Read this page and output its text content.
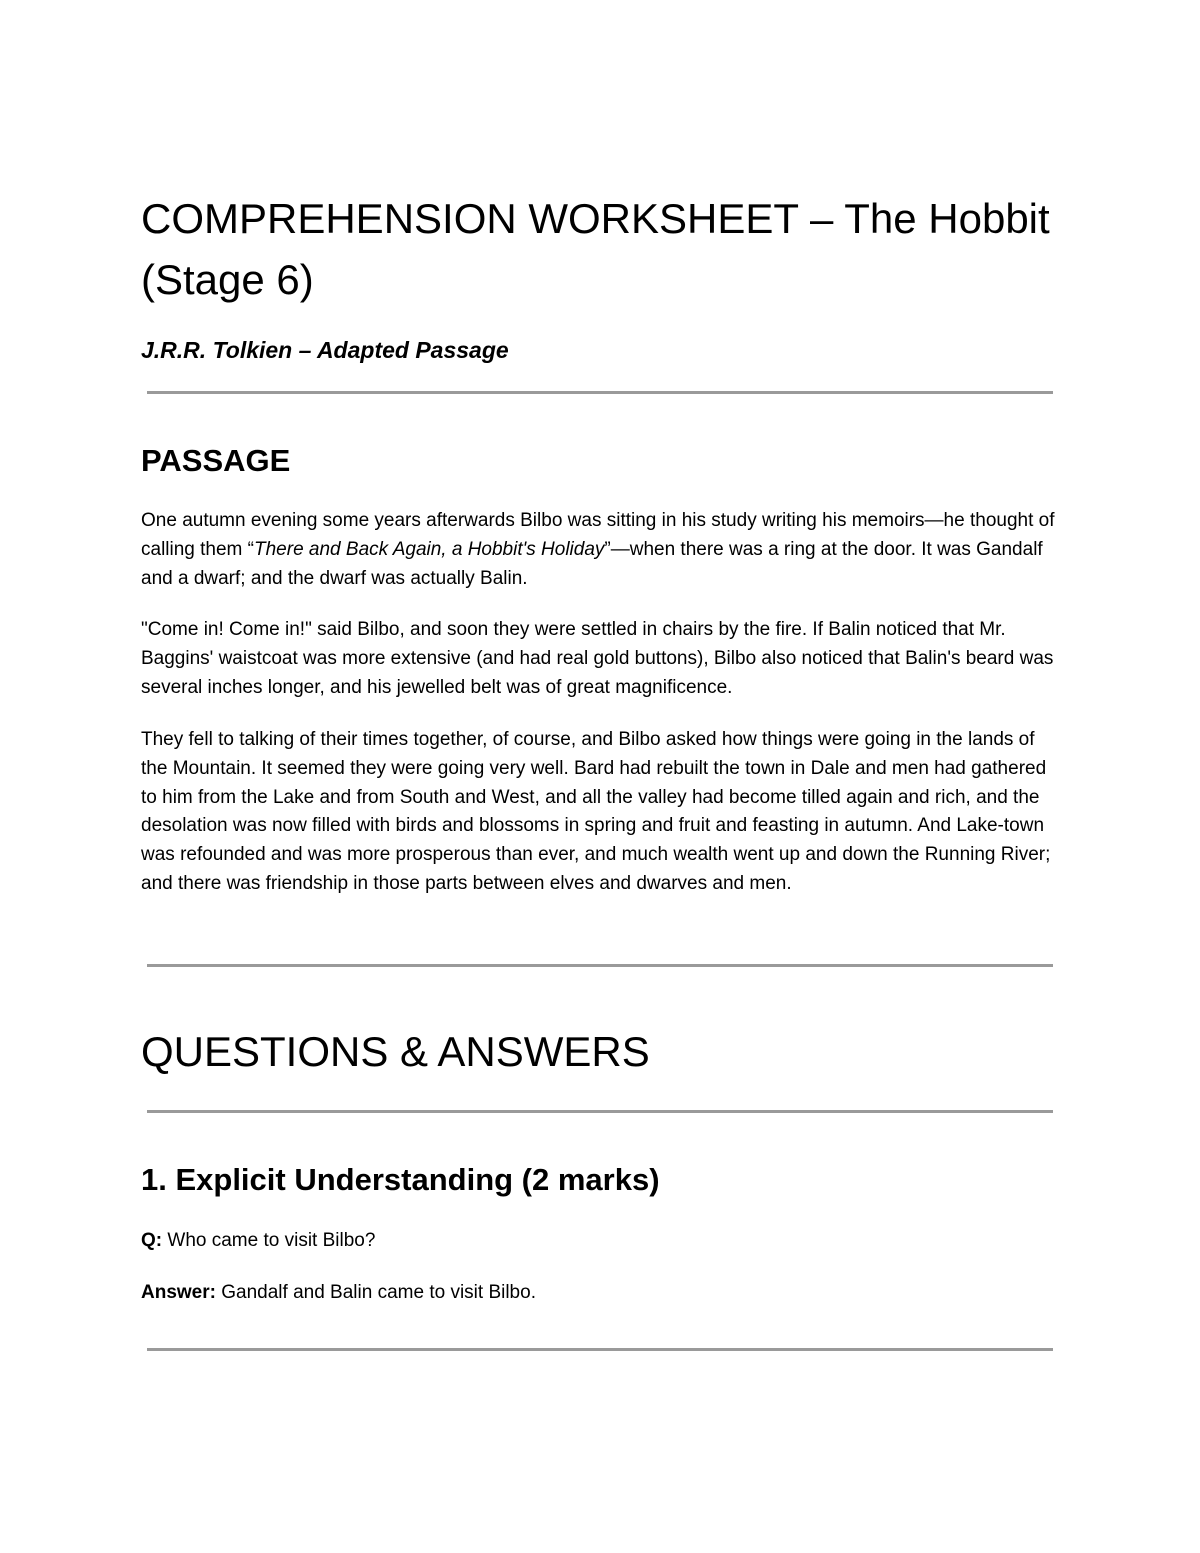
COMPREHENSION WORKSHEET – The Hobbit (Stage 6)

J.R.R. Tolkien – Adapted Passage

PASSAGE

One autumn evening some years afterwards Bilbo was sitting in his study writing his memoirs—he thought of calling them “There and Back Again, a Hobbit's Holiday”—when there was a ring at the door. It was Gandalf and a dwarf; and the dwarf was actually Balin.

"Come in! Come in!" said Bilbo, and soon they were settled in chairs by the fire. If Balin noticed that Mr. Baggins' waistcoat was more extensive (and had real gold buttons), Bilbo also noticed that Balin's beard was several inches longer, and his jewelled belt was of great magnificence.

They fell to talking of their times together, of course, and Bilbo asked how things were going in the lands of the Mountain. It seemed they were going very well. Bard had rebuilt the town in Dale and men had gathered to him from the Lake and from South and West, and all the valley had become tilled again and rich, and the desolation was now filled with birds and blossoms in spring and fruit and feasting in autumn. And Lake-town was refounded and was more prosperous than ever, and much wealth went up and down the Running River; and there was friendship in those parts between elves and dwarves and men.

QUESTIONS & ANSWERS
1. Explicit Understanding (2 marks)

Q: Who came to visit Bilbo?

Answer: Gandalf and Balin came to visit Bilbo.
